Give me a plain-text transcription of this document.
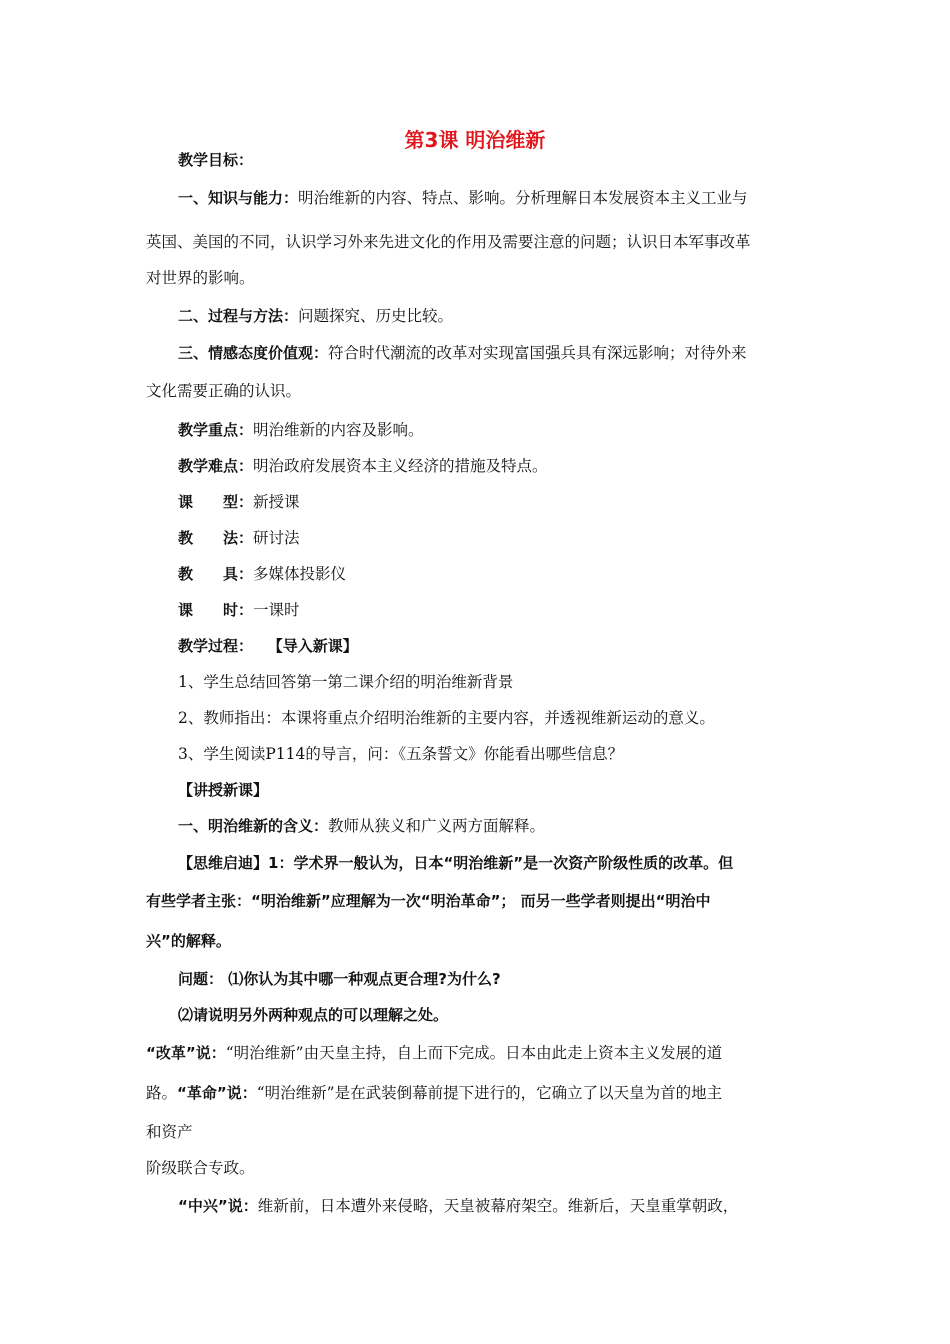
第3课 明治维新
教学目标：
一、知识与能力：明治维新的内容、特点、影响。分析理解日本发展资本主义工业与
英国、美国的不同，认识学习外来先进文化的作用及需要注意的问题；认识日本军事改革
对世界的影响。
二、过程与方法：问题探究、历史比较。
三、情感态度价值观：符合时代潮流的改革对实现富国强兵具有深远影响；对待外来
文化需要正确的认识。
教学重点：明治维新的内容及影响。
教学难点：明治政府发展资本主义经济的措施及特点。
课　　型：新授课
教　　法：研讨法
教　　具：多媒体投影仪
课　　时：一课时
教学过程： 【导入新课】
1、学生总结回答第一第二课介绍的明治维新背景
2、教师指出：本课将重点介绍明治维新的主要内容，并透视维新运动的意义。
3、学生阅读P114的导言，问：《五条誓文》你能看出哪些信息？
【讲授新课】
一、明治维新的含义：教师从狭义和广义两方面解释。
【思维启迪】1：学术界一般认为，日本“明治维新”是一次资产阶级性质的改革。但
有些学者主张：“明治维新”应理解为一次“明治革命”； 而另一些学者则提出“明治中
兴”的解释。
问题： ⑴你认为其中哪一种观点更合理?为什么?
⑵请说明另外两种观点的可以理解之处。
“改革”说：“明治维新”由天皇主持，自上而下完成。日本由此走上资本主义发展的道
路。“革命”说：“明治维新”是在武装倒幕前提下进行的，它确立了以天皇为首的地主
和资产
阶级联合专政。
“中兴”说：维新前，日本遭外来侵略，天皇被幕府架空。维新后，天皇重掌朝政，
